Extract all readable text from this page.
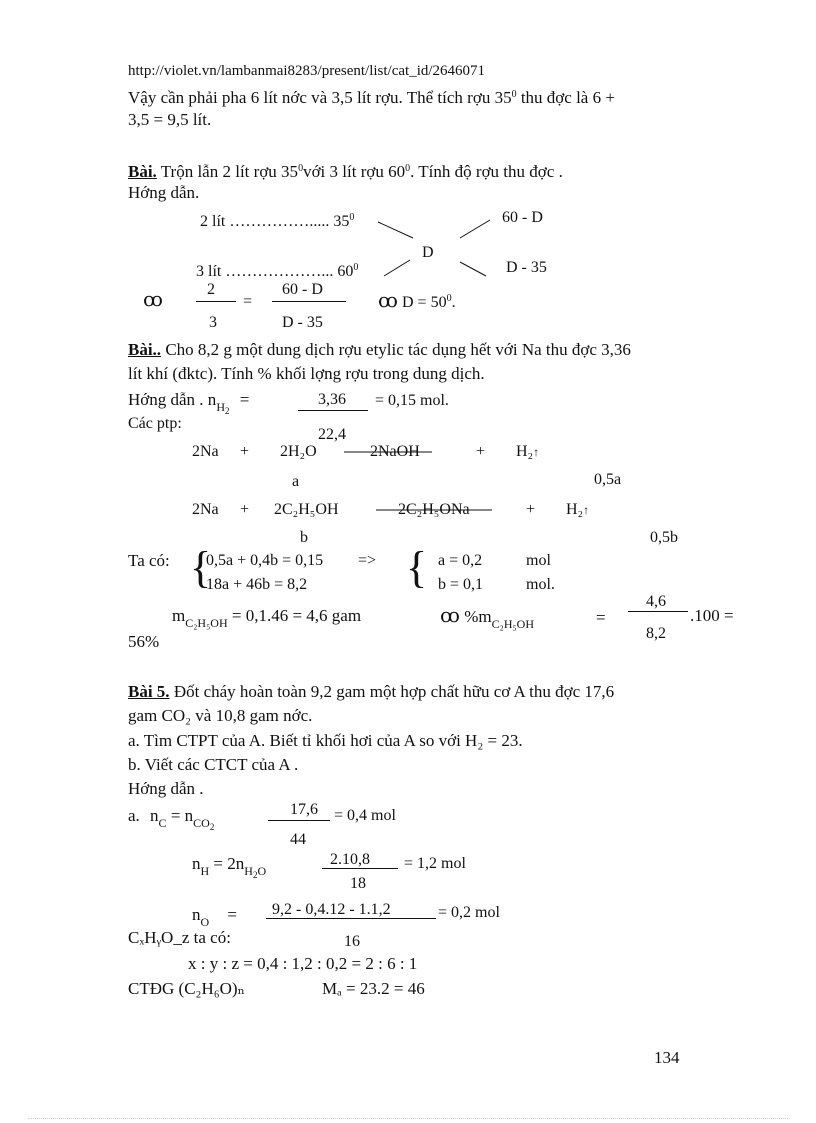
http://violet.vn/lambanmai8283/present/list/cat_id/2646071
Vậy cần phải pha 6 lít nớc và 3,5 lít rợu. Thể tích rợu $35^0$ thu đợc là 6 +
3,5 = 9,5 lít.
Bài. Trộn lẫn 2 lít rợu $35^0với$ 3 lít rợu $60^0$. Tính độ rợu thu đợc .
Hớng dẫn.
2 lít ……………..... $35^0$
3 lít ………………... $60^0$
60 - D
D - 35
D
ꝏ	2
3
=
60 - D
D - 35
ꝏ $D = 50^0$.
Bài.. Cho 8,2 g một dung dịch rợu etylic tác dụng hết với Na thu đợc 3,36
lít khí (đktc). Tính % khối lợng rợu trong dung dịch.
Hớng dẫn . $n_{H2}$ =	3,36
22,4
= 0,15 mol.
Các ptp:
2Na + 2H₂O	2NaOH	+ H₂↑
a	0,5a
2Na + 2C₂H₅OH	2C₂H₅ONa	+ H₂↑
b	0,5b
Ta có: {
0,5a + 0,4b = 0,15
18a + 46b = 8,2
=> { a = 0,2	mol
b = 0,1	mol.
$m_{C_2H_5OH} = 0,1.46 = 4,6$ gam	ꝏ $\%m_{C_2H_5OH}$	=
4,6
8,2
.100 =
56%
Bài 5. Đốt cháy hoàn toàn 9,2 gam một hợp chất hữu cơ A thu đợc 17,6
gam CO₂ và 10,8 gam nớc.
a. Tìm CTPT của A. Biết tỉ khối hơi của A so với H₂ = 23.
b. Viết các CTCT của A .
Hớng dẫn .
a. $n_C = n_{CO2}$
17,6
44
= 0,4 mol
$n_H = 2n_{H2O}$
2.10,8
18
= 1,2 mol
$n_O = 9,2 - 0,4.12 - 1.1,2$
16
= 0,2 mol
CₓHᵧO_z ta có:
x : y : z = 0,4 : 1,2 : 0,2 = 2 : 6 : 1
CTĐG (C₂H₆O)ₙ	Mₐ = 23.2 = 46
134
